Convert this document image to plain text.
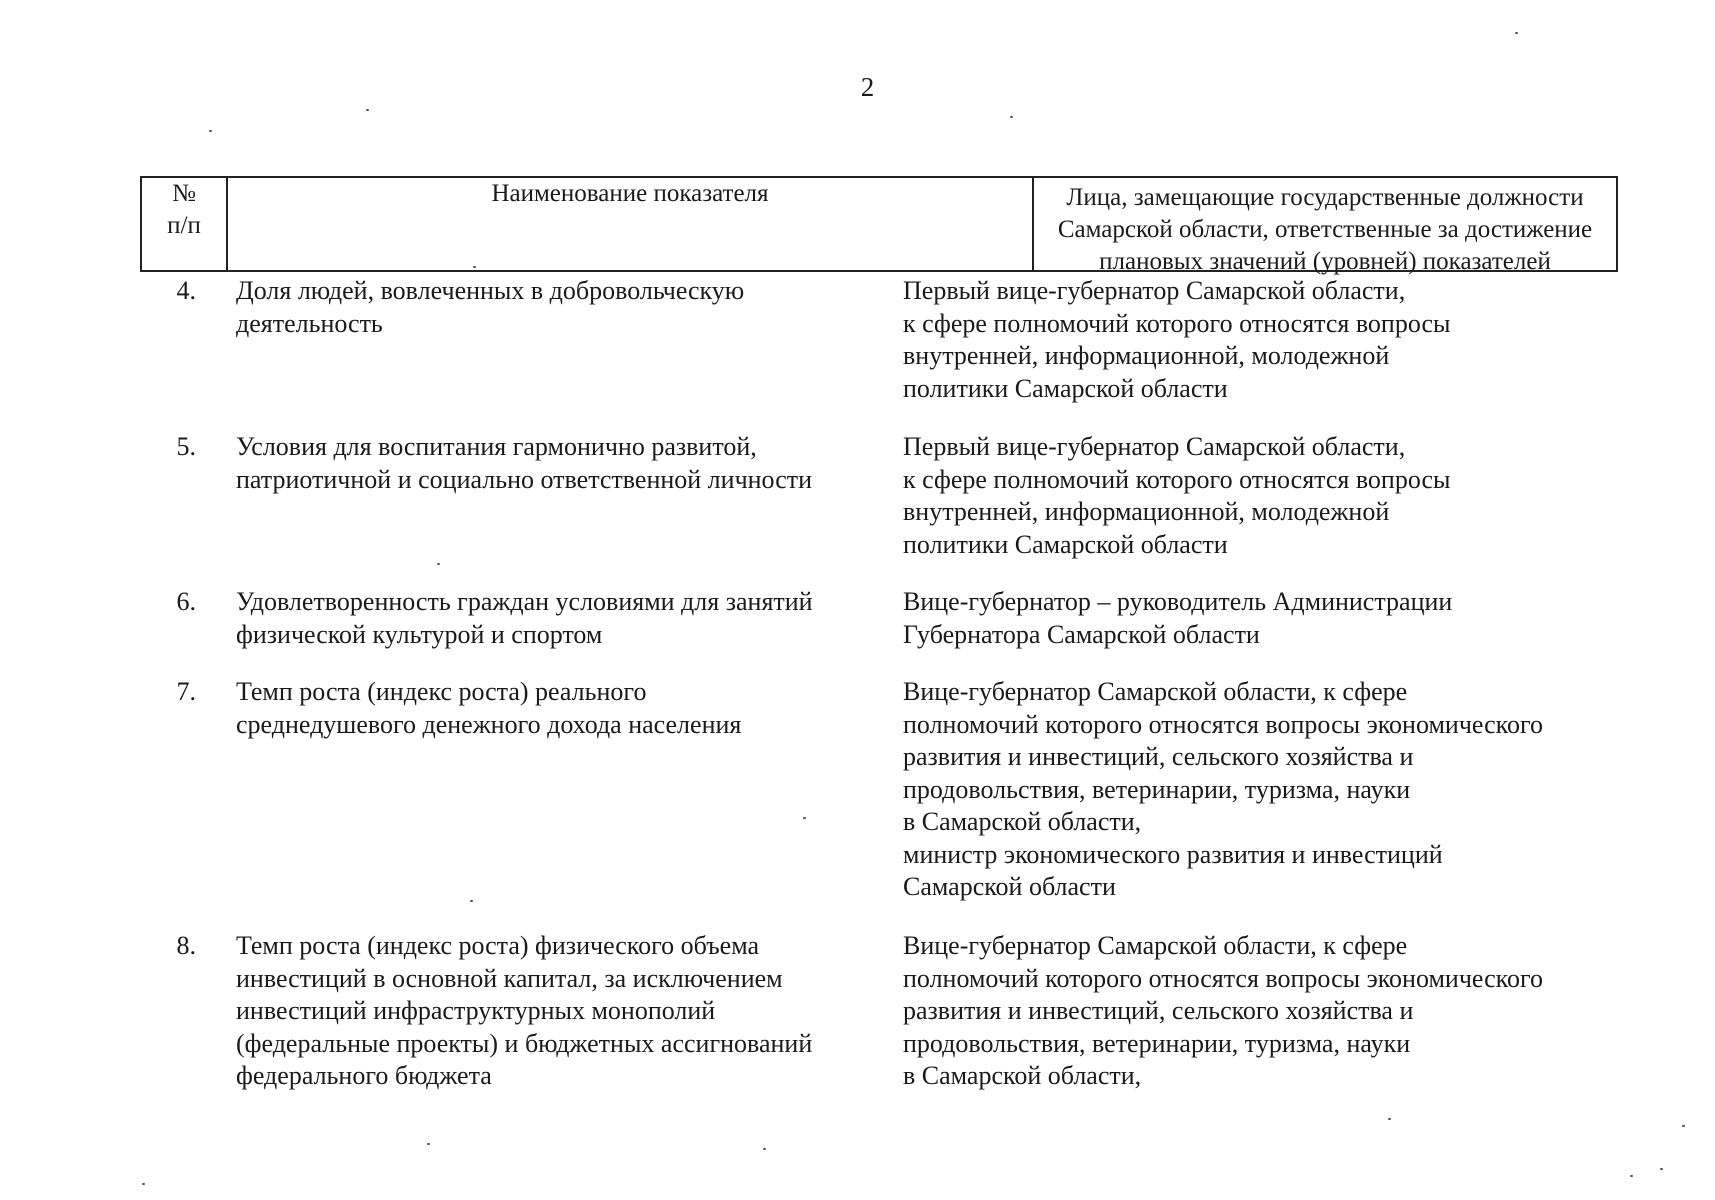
2
№
п/п
Наименование показателя	Лица, замещающие государственные должности
Самарской области, ответственные за достижение
плановых значений (уровней) показателей
4. Доля людей, вовлеченных в добровольческую
деятельность
Первый вице-губернатор Самарской области,
к сфере полномочий которого относятся вопросы
внутренней, информационной, молодежной
политики Самарской области
5. Условия для воспитания гармонично развитой,
патриотичной и социально ответственной личности
Первый вице-губернатор Самарской области,
к сфере полномочий которого относятся вопросы
внутренней, информационной, молодежной
политики Самарской области
6. Удовлетворенность граждан условиями для занятий
физической культурой и спортом
Вице-губернатор – руководитель Администрации
Губернатора Самарской области
7. Темп роста (индекс роста) реального
среднедушевого денежного дохода населения
Вице-губернатор Самарской области, к сфере
полномочий которого относятся вопросы экономического
развития и инвестиций, сельского хозяйства и
продовольствия, ветеринарии, туризма, науки
в Самарской области,
министр экономического развития и инвестиций
Самарской области
8. Темп роста (индекс роста) физического объема
инвестиций в основной капитал, за исключением
инвестиций инфраструктурных монополий
(федеральные проекты) и бюджетных ассигнований
федерального бюджета
Вице-губернатор Самарской области, к сфере
полномочий которого относятся вопросы экономического
развития и инвестиций, сельского хозяйства и
продовольствия, ветеринарии, туризма, науки
в Самарской области,
